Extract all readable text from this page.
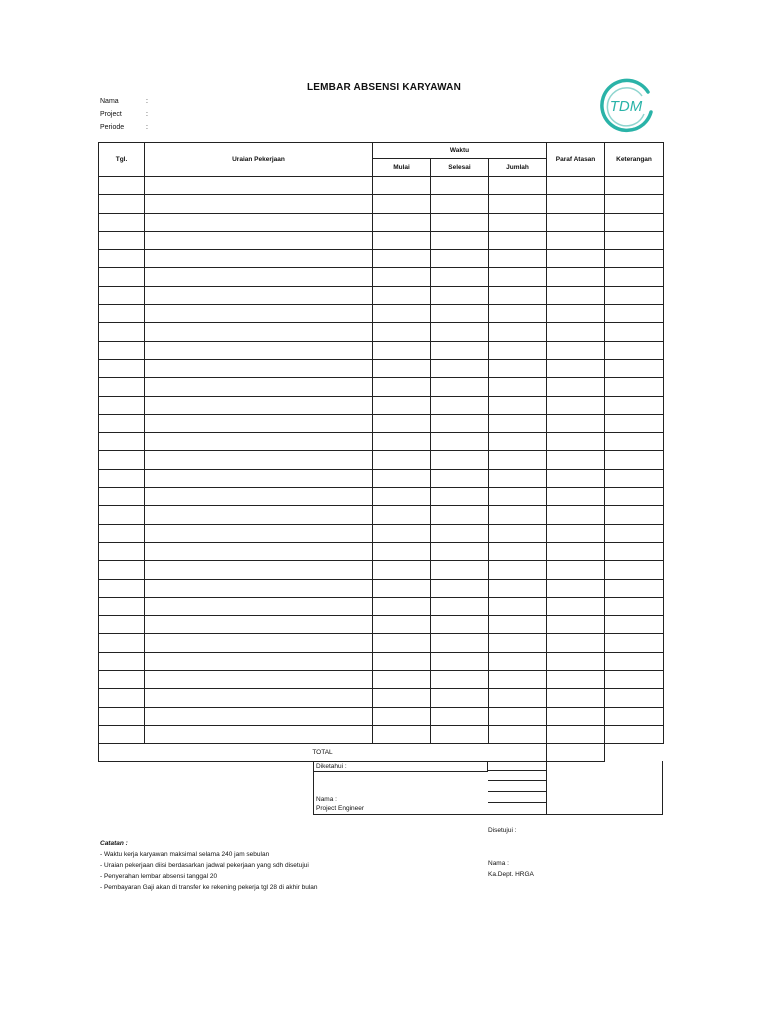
LEMBAR ABSENSI KARYAWAN
Nama	:
Project	:
Periode	:
TDM
Tgl.	Uraian Pekerjaan	Waktu			Paraf Atasan	Keterangan
		Mulai	Selesai	Jumlah		

TOTAL						
Diketahui :
Nama :
Project Engineer
Catatan :
- Waktu kerja karyawan maksimal selama 240 jam sebulan
- Uraian pekerjaan diisi berdasarkan jadwal pekerjaan yang sdh disetujui
- Penyerahan lembar absensi tanggal 20
- Pembayaran Gaji akan di transfer ke rekening pekerja tgl 28 di akhir bulan
Disetujui :
Nama :
Ka.Dept. HRGA
